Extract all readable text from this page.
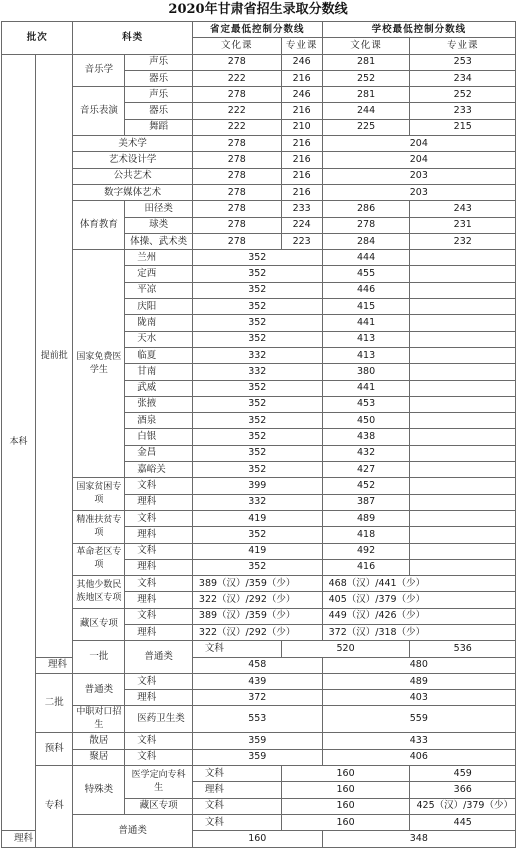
2020年甘肃省招生录取分数线
批次		科类		省定最低控制分数线		学校最低控制分数线	
				文化课	专业课	文化课	专业课
本科	提前批	音乐学	声乐	278	246	281	253
			器乐	222	216	252	234
		音乐表演	声乐	278	246	281	252
			器乐	222	216	244	233
			舞蹈	222	210	225	215
		美术学		278	216	204	
		艺术设计学		278	216	204	
		公共艺术		278	216	203	
		数字媒体艺术		278	216	203	
		体育教育	田径类	278	233	286	243
			球类	278	224	278	231
			体操、武术类	278	223	284	232
		国家免费医学生	兰州	352		444	
			定西	352		455	
			平凉	352		446	
			庆阳	352		415	
			陇南	352		441	
			天水	352		413	
			临夏	332		413	
			甘南	332		380	
			武威	352		441	
			张掖	352		453	
			酒泉	352		450	
			白银	352		438	
			金昌	352		432	
			嘉峪关	352		427	
		国家贫困专项	文科	399		452	
			理科	332		387	
		精准扶贫专项	文科	419		489	
			理科	352		418	
		革命老区专项	文科	419		492	
			理科	352		416	
		其他少数民族地区专项	文科	389（汉）/359（少）		468（汉）/441（少）	
			理科	322（汉）/292（少）		405（汉）/379（少）	
		藏区专项	文科	389（汉）/359（少）		449（汉）/426（少）	
			理科	322（汉）/292（少）		372（汉）/318（少）	
		一批	普通类	文科	520		536
	理科			458		480	
	二批	普通类	文科	439		489	
			理科	372		403	
		中职对口招生	医药卫生类	553		559	
	预科	散居	文科	359		433	
		聚居	文科	359		406	
	专科	特殊类	医学定向专科生	文科	160		459
				理科	160		366
			藏区专项	文科	160		425（汉）/379（少）
		普通类		文科	160		445
理科				160		348	
